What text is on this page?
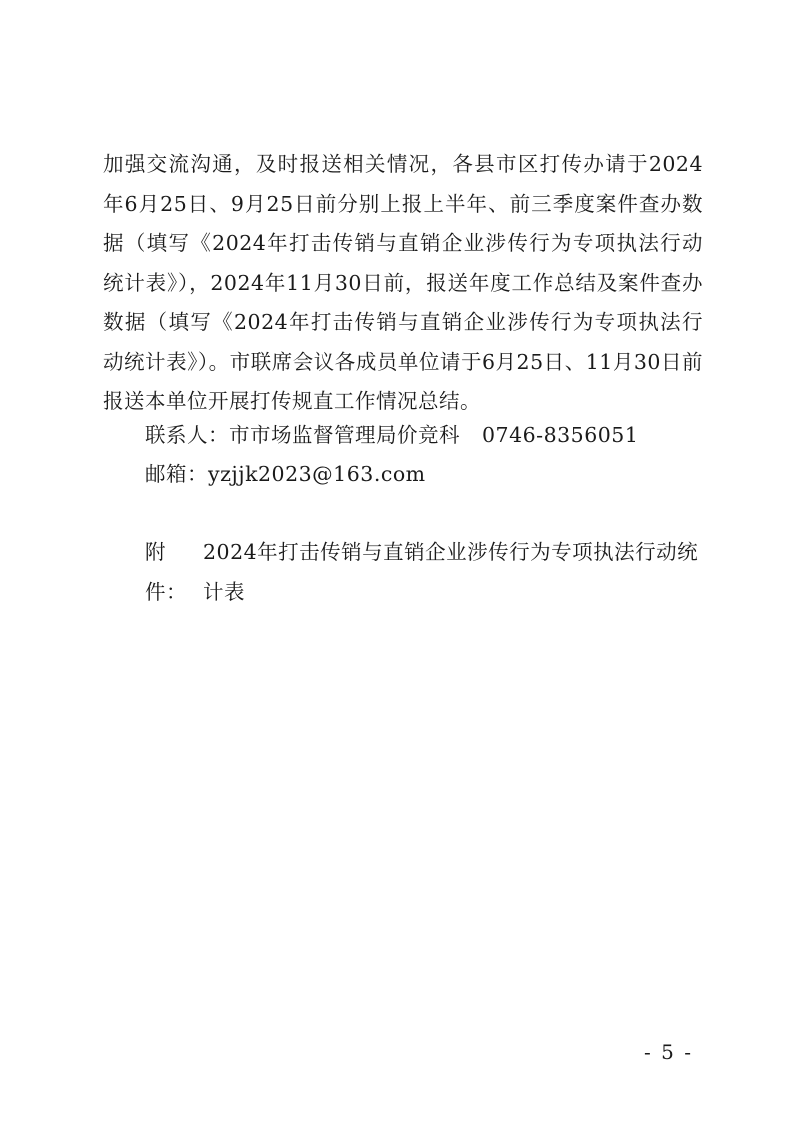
加强交流沟通，及时报送相关情况，各县市区打传办请于2024年6月25日、9月25日前分别上报上半年、前三季度案件查办数据（填写《2024年打击传销与直销企业涉传行为专项执法行动统计表》），2024年11月30日前，报送年度工作总结及案件查办数据（填写《2024年打击传销与直销企业涉传行为专项执法行动统计表》）。市联席会议各成员单位请于6月25日、11月30日前报送本单位开展打传规直工作情况总结。

联系人：市市场监督管理局价竞科 0746-8356051

邮箱：yzjjk2023@163.com

附件：
2024年打击传销与直销企业涉传行为专项执法行动统计表

- 5 -
